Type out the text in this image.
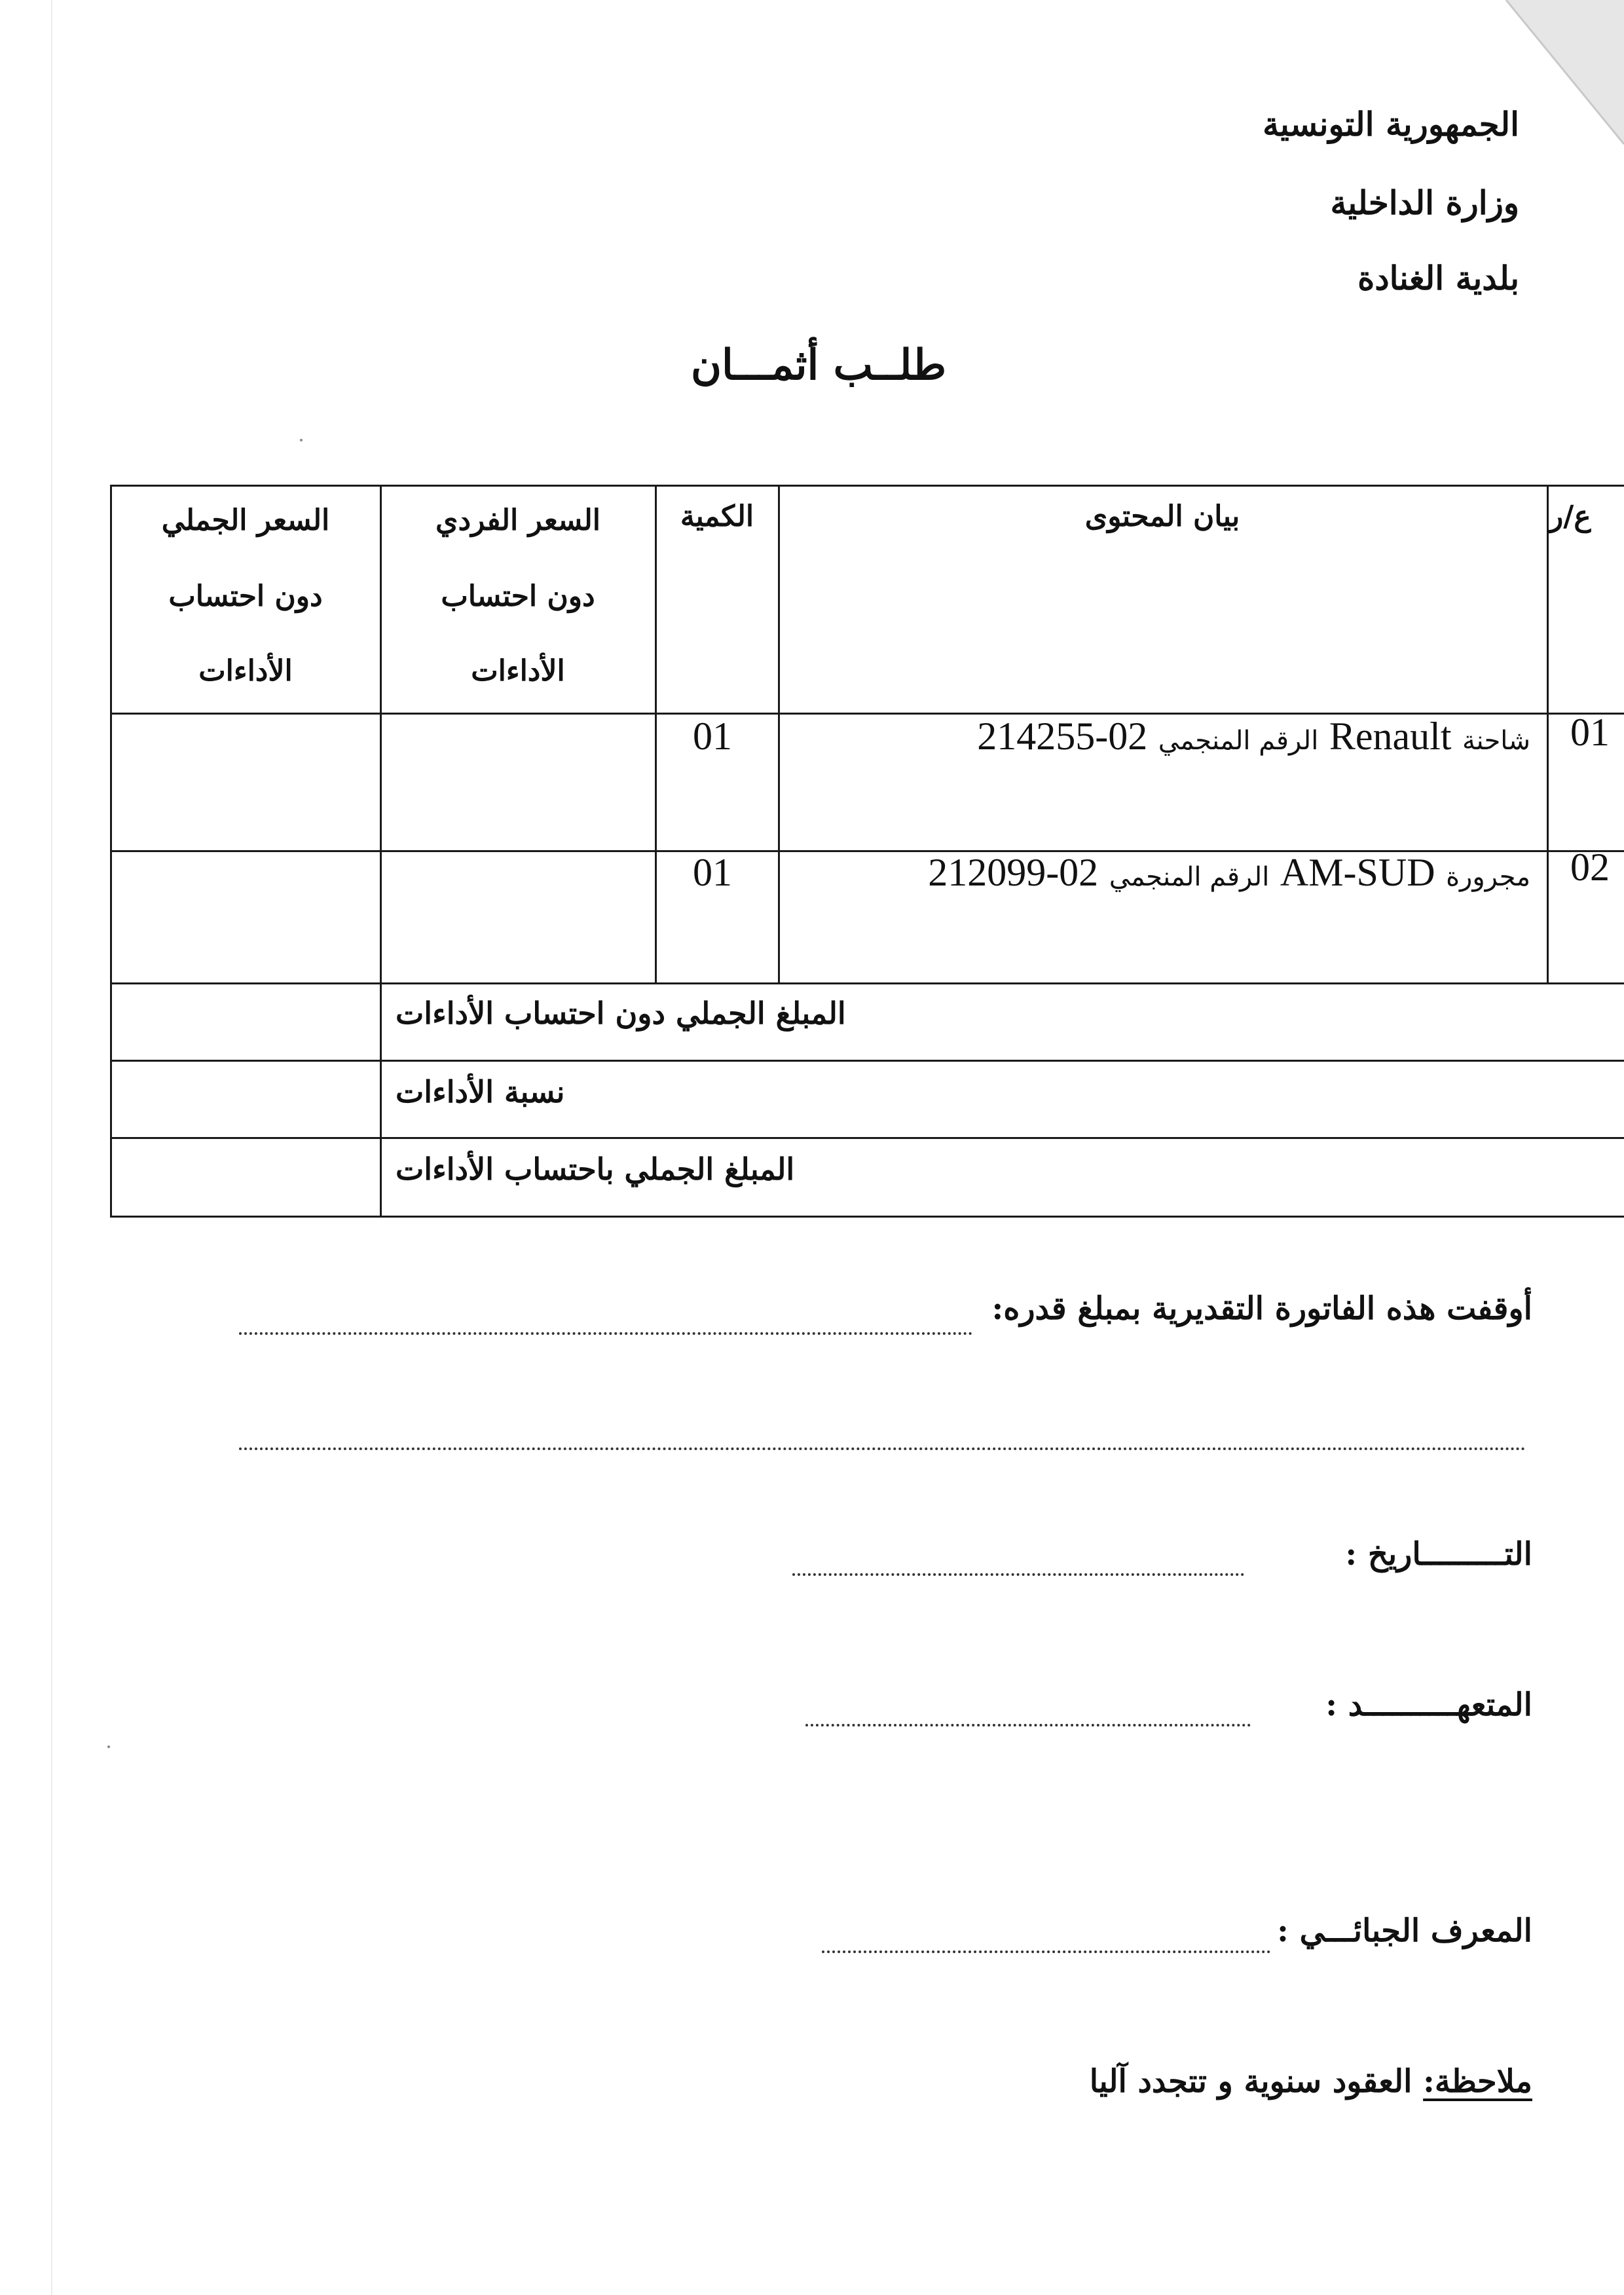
الجمهورية التونسية
وزارة الداخلية
بلدية الغنادة
طلــب أثمـــان
ع/ر
بيان المحتوى
الكمية
السعر الفردي
دون احتساب
الأداءات
السعر الجملي
دون احتساب
الأداءات
01
شاحنة Renault الرقم المنجمي 214255-02
01
02
مجرورة AM-SUD الرقم المنجمي 212099-02
01
المبلغ الجملي دون احتساب الأداءات
نسبة الأداءات
المبلغ الجملي باحتساب الأداءات
أوقفت هذه الفاتورة التقديرية بمبلغ قدره:
التـــــــــاريخ :
المتعهــــــــــد :
المعرف الجبائـــي :
ملاحظة: العقود سنوية و تتجدد آليا
